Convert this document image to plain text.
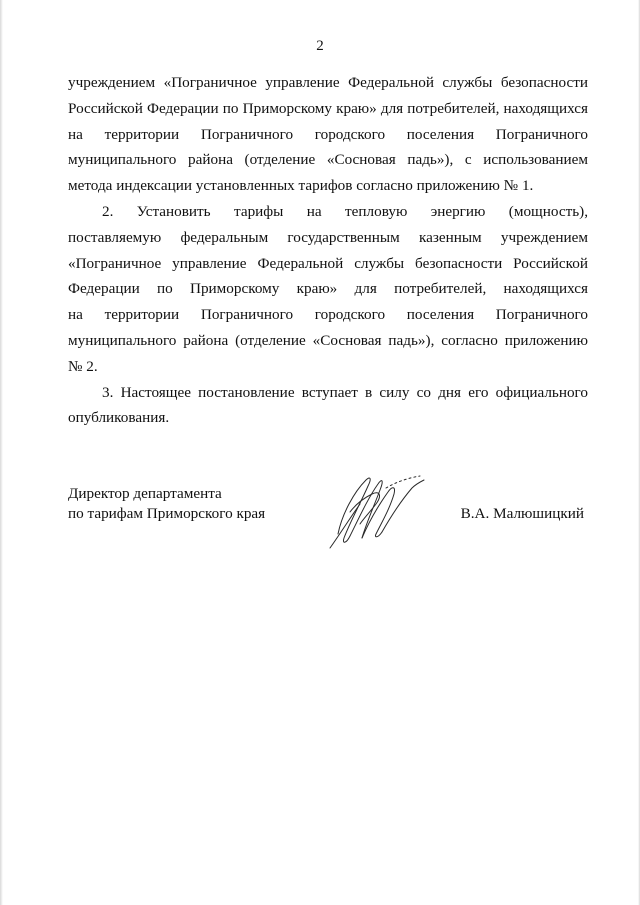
2
учреждением «Пограничное управление Федеральной службы безопасности
Российской Федерации по Приморскому краю» для потребителей, находящихся
на территории Пограничного городского поселения Пограничного
муниципального района (отделение «Сосновая падь»), с использованием
метода индексации установленных тарифов согласно приложению № 1.
2. Установить тарифы на тепловую энергию (мощность),
поставляемую федеральным государственным казенным учреждением
«Пограничное управление Федеральной службы безопасности Российской
Федерации по Приморскому краю» для потребителей, находящихся
на территории Пограничного городского поселения Пограничного
муниципального района (отделение «Сосновая падь»), согласно приложению
№ 2.
3. Настоящее постановление вступает в силу со дня его официального
опубликования.
Директор департамента
по тарифам Приморского края	В.А. Малюшицкий
